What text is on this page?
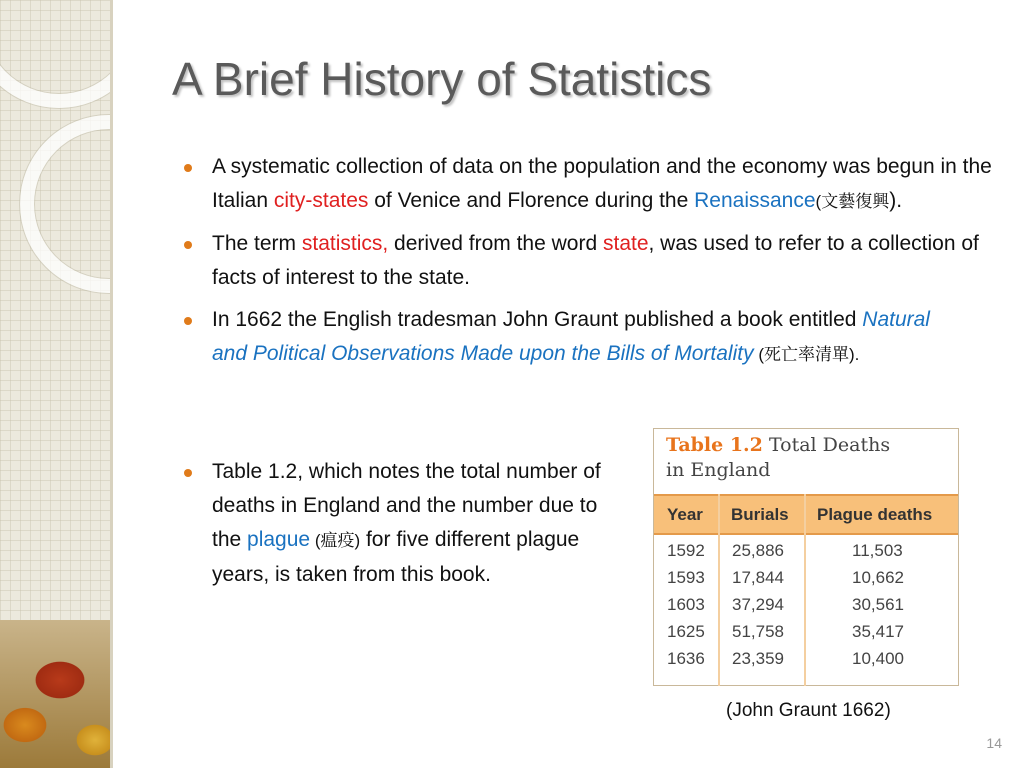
A Brief History of Statistics
A systematic collection of data on the population and the economy was begun in the Italian city-states of Venice and Florence during the Renaissance(文藝復興).
The term statistics, derived from the word state, was used to refer to a collection of facts of interest to the state.
In 1662 the English tradesman John Graunt published a book entitled Natural and Political Observations Made upon the Bills of Mortality (死亡率清單).
Table 1.2, which notes the total number of deaths in England and the number due to the plague (瘟疫) for five different plague years, is taken from this book.
Table 1.2 Total Deaths
in England
Year Burials Plague deaths
1592 25,886	11,503
1593 17,844	10,662
1603 37,294	30,561
1625 51,758	35,417
1636 23,359	10,400
(John Graunt 1662)
14
